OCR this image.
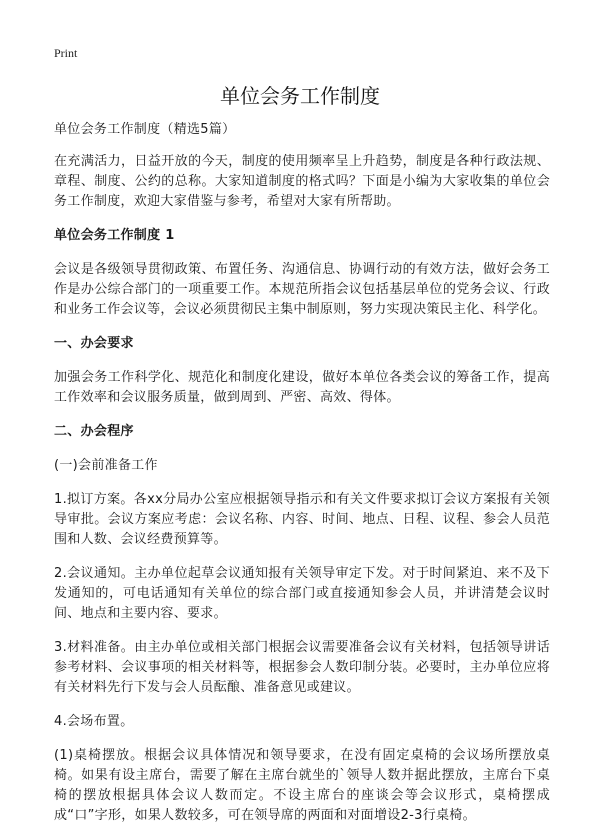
Print
单位会务工作制度

单位会务工作制度（精选5篇）

在充满活力，日益开放的今天，制度的使用频率呈上升趋势，制度是各种行政法规、章程、制度、公约的总称。大家知道制度的格式吗？下面是小编为大家收集的单位会务工作制度，欢迎大家借鉴与参考，希望对大家有所帮助。

单位会务工作制度 1

会议是各级领导贯彻政策、布置任务、沟通信息、协调行动的有效方法，做好会务工作是办公综合部门的一项重要工作。本规范所指会议包括基层单位的党务会议、行政和业务工作会议等，会议必须贯彻民主集中制原则，努力实现决策民主化、科学化。

一、办会要求

加强会务工作科学化、规范化和制度化建设，做好本单位各类会议的筹备工作，提高工作效率和会议服务质量，做到周到、严密、高效、得体。

二、办会程序

(一)会前准备工作

1.拟订方案。各xx分局办公室应根据领导指示和有关文件要求拟订会议方案报有关领导审批。会议方案应考虑：会议名称、内容、时间、地点、日程、议程、参会人员范围和人数、会议经费预算等。

2.会议通知。主办单位起草会议通知报有关领导审定下发。对于时间紧迫、来不及下发通知的，可电话通知有关单位的综合部门或直接通知参会人员，并讲清楚会议时间、地点和主要内容、要求。

3.材料准备。由主办单位或相关部门根据会议需要准备会议有关材料，包括领导讲话参考材料、会议事项的相关材料等，根据参会人数印制分装。必要时，主办单位应将有关材料先行下发与会人员酝酿、准备意见或建议。

4.会场布置。

(1)桌椅摆放。根据会议具体情况和领导要求，在没有固定桌椅的会议场所摆放桌椅。如果有设主席台，需要了解在主席台就坐的`领导人数并据此摆放，主席台下桌椅的摆放根据具体会议人数而定。不设主席台的座谈会等会议形式，桌椅摆成成“口”字形，如果人数较多，可在领导席的两面和对面增设2-3行桌椅。
